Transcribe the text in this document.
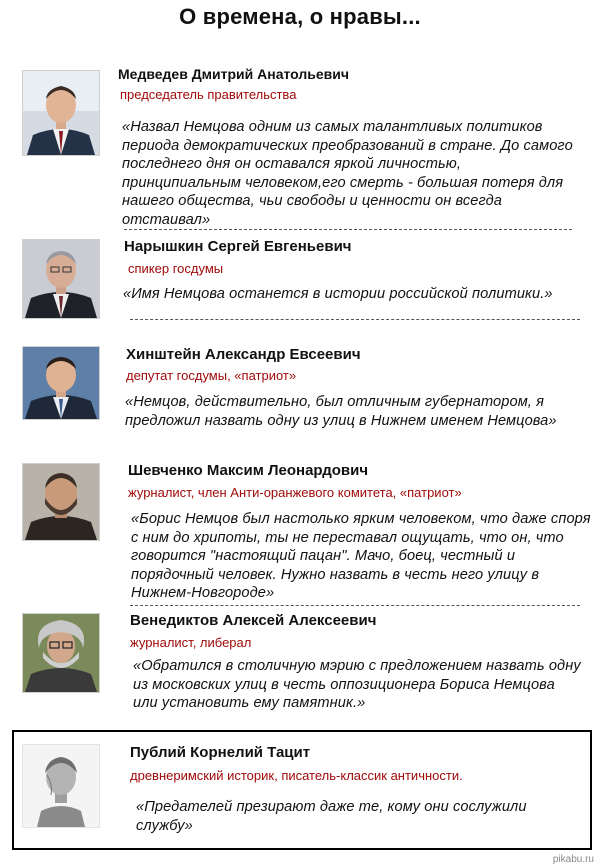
О времена, о нравы...
Медведев Дмитрий Анатольевич
председатель правительства
«Назвал Немцова одним из самых талантливых политиков периода демократических преобразований в стране. До самого последнего дня он оставался яркой личностью, принципиальным человеком,его смерть - большая потеря для нашего общества, чьи свободы и ценности он всегда отстаивал»
Нарышкин Сергей Евгеньевич
спикер госдумы
«Имя Немцова останется в истории российской политики.»
Хинштейн Александр Евсеевич
депутат госдумы, «патриот»
«Немцов, действительно, был отличным губернатором, я предложил назвать одну из улиц в Нижнем именем Немцова»
Шевченко Максим Леонардович
журналист, член Анти-оранжевого комитета, «патриот»
«Борис Немцов был настолько ярким человеком, что даже споря с ним до хрипоты, ты не переставал ощущать, что он, что говорится "настоящий пацан". Мачо, боец, честный и порядочный человек. Нужно назвать в честь него улицу в Нижнем-Новгороде»
Венедиктов Алексей Алексеевич
журналист, либерал
«Обратился в столичную мэрию с предложением назвать одну из московских улиц в честь оппозиционера Бориса Немцова или установить ему памятник.»
Публий Корнелий Тацит
древнеримский историк, писатель-классик античности.
«Предателей презирают даже те, кому они сослужили службу»
pikabu.ru
